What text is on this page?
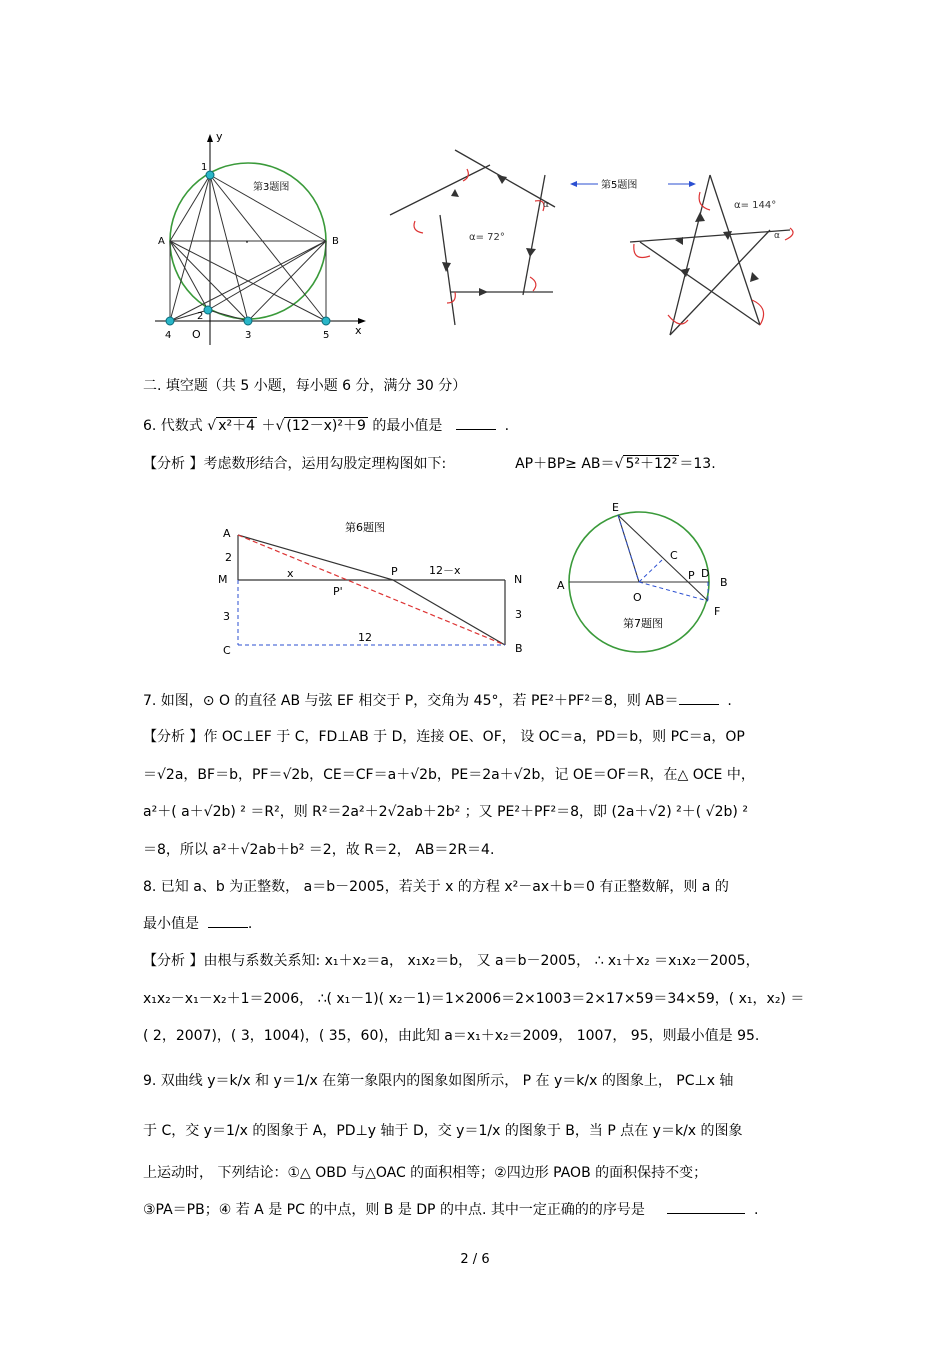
y
x
O
1
2
3
4	5
A	B
第3题图
α= 72°
α
第5题图
α= 144°
α
二. 填空题（共 5 小题，每小题 6 分，满分 30 分）
6. 代数式 √ x²＋4 ＋√ (12－x)²＋9 的最小值是	.
【分析 】考虑数形结合，运用勾股定理构图如下:	AP＋BP≥ AB＝√ 5²＋12² ＝13.
A
2
M
3
C
x	P
P'
12－x
N
3
12
B
第6题图
E
C
A
O
P D
B
F
第7题图
7. 如图，⊙ O 的直径 AB 与弦 EF 相交于 P，交角为 45°，若 PE²＋PF²＝8，则 AB＝	.
【分析 】作 OC⊥EF 于 C，FD⊥AB 于 D，连接 OE、OF， 设 OC＝a，PD＝b，则 PC＝a，OP
＝√2a，BF＝b，PF＝√2b，CE＝CF＝a＋√2b，PE＝2a＋√2b，记 OE＝OF＝R，在△ OCE 中，
a²＋( a＋√2b) ² ＝R²，则 R²＝2a²＋2√2ab＋2b² ；又 PE²＋PF²＝8，即 (2a＋√2) ²＋( √2b) ²
＝8，所以 a²＋√2ab＋b² ＝2，故 R＝2， AB＝2R＝4.
8. 已知 a、b 为正整数， a＝b－2005，若关于 x 的方程 x²－ax＋b＝0 有正整数解，则 a 的
最小值是	.
【分析 】由根与系数关系知: x₁＋x₂＝a， x₁x₂＝b， 又 a＝b－2005， ∴ x₁＋x₂ ＝x₁x₂－2005，
x₁x₂－x₁－x₂＋1＝2006， ∴( x₁－1)( x₂－1)＝1×2006＝2×1003＝2×17×59＝34×59，( x₁，x₂) ＝
( 2，2007)，( 3，1004)，( 35，60)，由此知 a＝x₁＋x₂＝2009， 1007， 95，则最小值是 95.
9. 双曲线 y＝k/x 和 y＝1/x 在第一象限内的图象如图所示， P 在 y＝k/x 的图象上， PC⊥x 轴
于 C，交 y＝1/x 的图象于 A，PD⊥y 轴于 D，交 y＝1/x 的图象于 B，当 P 点在 y＝k/x 的图象
上运动时， 下列结论：①△ OBD 与△OAC 的面积相等；②四边形 PAOB 的面积保持不变；
③PA＝PB；④ 若 A 是 PC 的中点，则 B 是 DP 的中点. 其中一定正确的的序号是	.
2 / 6
